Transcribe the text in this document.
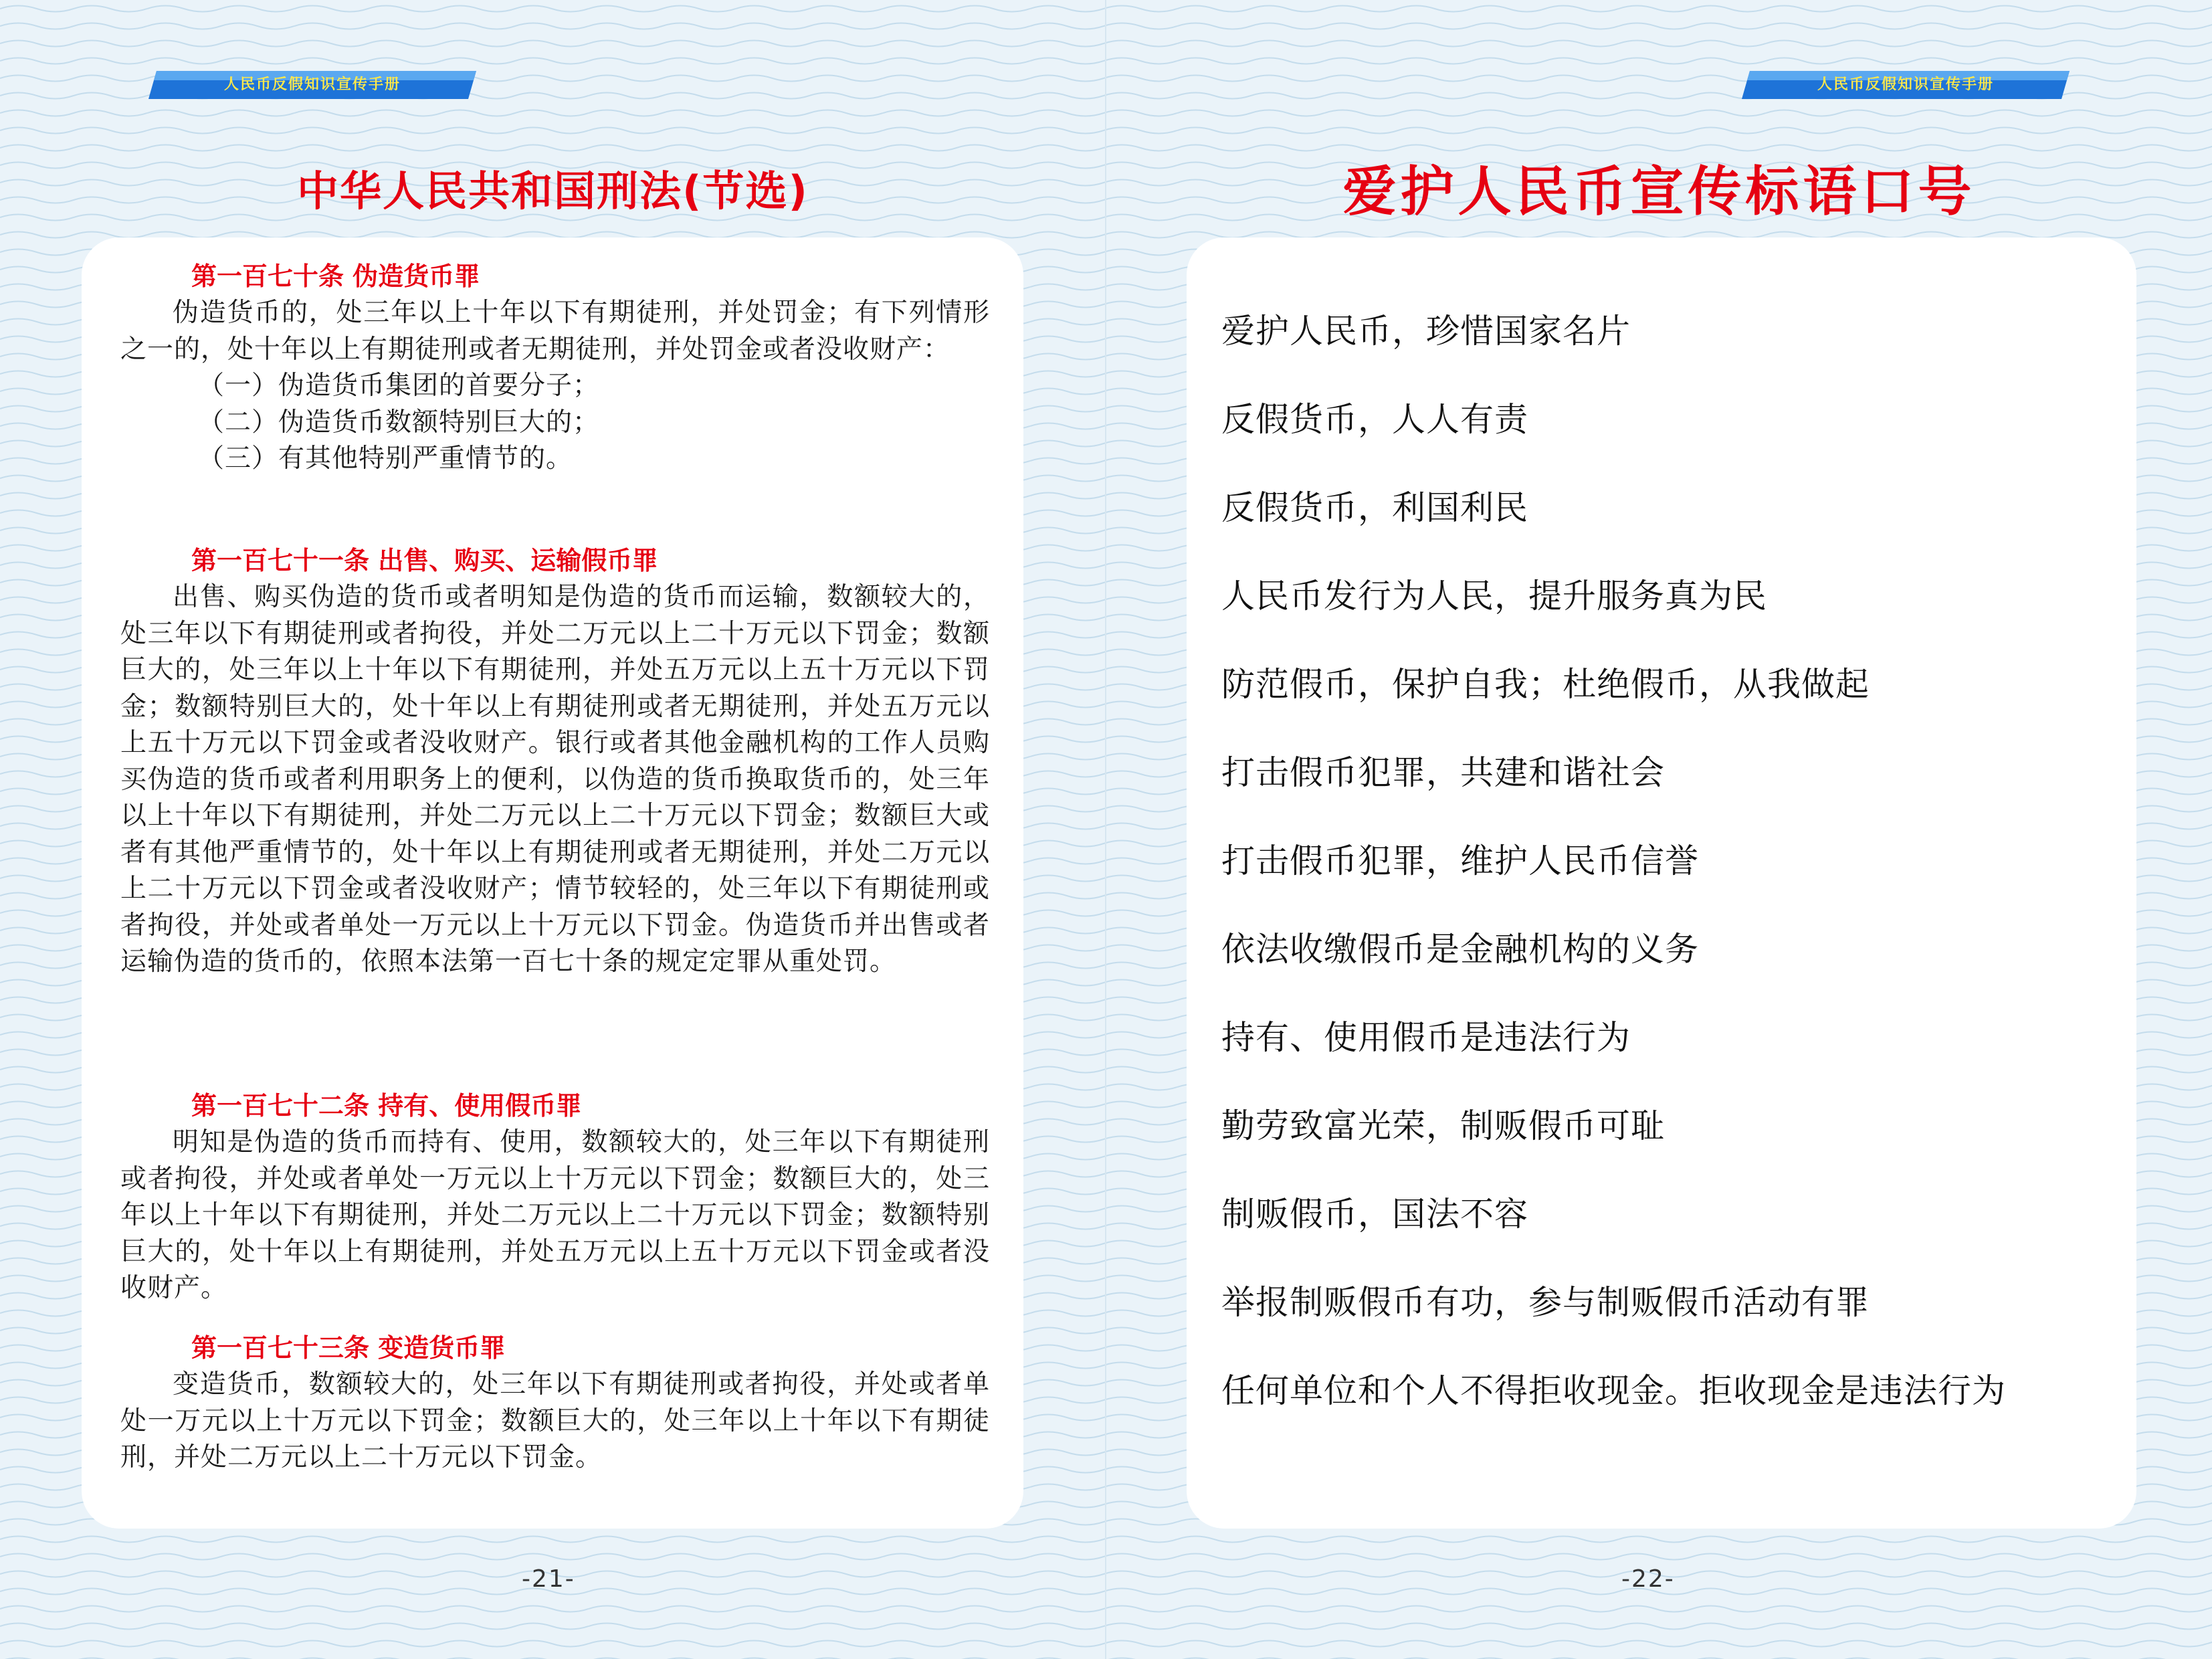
人民币反假知识宣传手册
中华人民共和国刑法(节选)
第一百七十条 伪造货币罪

伪造货币的，处三年以上十年以下有期徒刑，并处罚金；有下列情形之一的，处十年以上有期徒刑或者无期徒刑，并处罚金或者没收财产：

（一）伪造货币集团的首要分子；

（二）伪造货币数额特别巨大的；

（三）有其他特别严重情节的。

第一百七十一条 出售、购买、运输假币罪

出售、购买伪造的货币或者明知是伪造的货币而运输，数额较大的，处三年以下有期徒刑或者拘役，并处二万元以上二十万元以下罚金；数额巨大的，处三年以上十年以下有期徒刑，并处五万元以上五十万元以下罚金；数额特别巨大的，处十年以上有期徒刑或者无期徒刑，并处五万元以上五十万元以下罚金或者没收财产。银行或者其他金融机构的工作人员购买伪造的货币或者利用职务上的便利，以伪造的货币换取货币的，处三年以上十年以下有期徒刑，并处二万元以上二十万元以下罚金；数额巨大或者有其他严重情节的，处十年以上有期徒刑或者无期徒刑，并处二万元以上二十万元以下罚金或者没收财产；情节较轻的，处三年以下有期徒刑或者拘役，并处或者单处一万元以上十万元以下罚金。伪造货币并出售或者运输伪造的货币的，依照本法第一百七十条的规定定罪从重处罚。

第一百七十二条 持有、使用假币罪

明知是伪造的货币而持有、使用，数额较大的，处三年以下有期徒刑或者拘役，并处或者单处一万元以上十万元以下罚金；数额巨大的，处三年以上十年以下有期徒刑，并处二万元以上二十万元以下罚金；数额特别巨大的，处十年以上有期徒刑，并处五万元以上五十万元以下罚金或者没收财产。

第一百七十三条 变造货币罪

变造货币，数额较大的，处三年以下有期徒刑或者拘役，并处或者单处一万元以上十万元以下罚金；数额巨大的，处三年以上十年以下有期徒刑，并处二万元以上二十万元以下罚金。

-21-
人民币反假知识宣传手册
爱护人民币宣传标语口号
爱护人民币，珍惜国家名片
反假货币，人人有责
反假货币，利国利民
人民币发行为人民，提升服务真为民
防范假币，保护自我；杜绝假币，从我做起
打击假币犯罪，共建和谐社会
打击假币犯罪，维护人民币信誉
依法收缴假币是金融机构的义务
持有、使用假币是违法行为
勤劳致富光荣，制贩假币可耻
制贩假币，国法不容
举报制贩假币有功，参与制贩假币活动有罪
任何单位和个人不得拒收现金。拒收现金是违法行为
-22-
